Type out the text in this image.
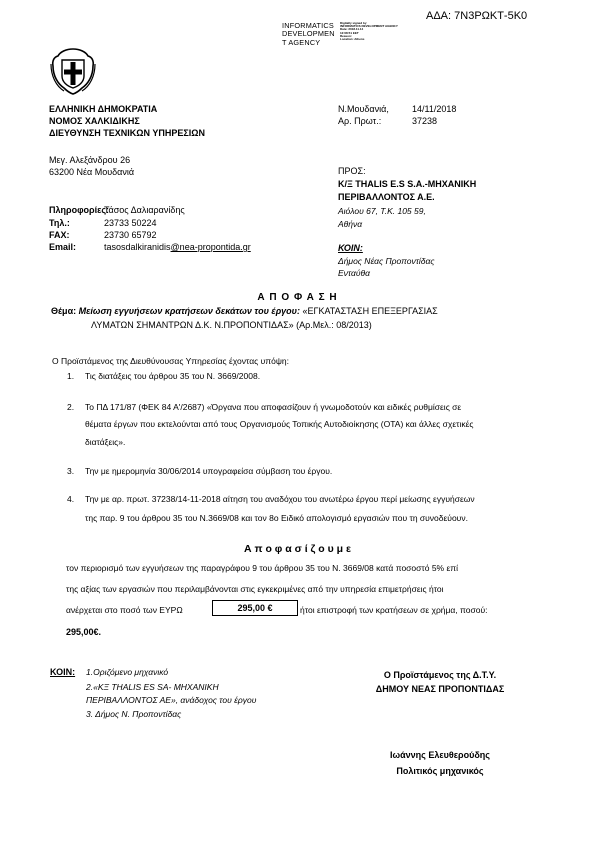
ΑΔΑ: 7Ν3ΡΩΚΤ-5Κ0
INFORMATICS
DEVELOPMEN
T AGENCY
Digitally signed by
INFORMATICS DEVELOPMENT AGENCY
Date: 2018.11.14
12:08:51 EET
Reason:
Location: Athens
ΕΛΛΗΝΙΚΗ ΔΗΜΟΚΡΑΤΙΑ
ΝΟΜΟΣ ΧΑΛΚΙΔΙΚΗΣ
ΔΙΕΥΘΥΝΣΗ ΤΕΧΝΙΚΩΝ ΥΠΗΡΕΣΙΩΝ
Μεγ. Αλεξάνδρου 26
63200 Νέα Μουδανιά
Ν.Μουδανιά,	14/11/2018
Αρ. Πρωτ.:	37238
Πληροφορίες:
Τάσος Δαλιαρανίδης
Τηλ.:	23733 50224
FAX:	23730 65792
Email:	tasosdalkiranidis@nea-propontida.gr
ΠΡΟΣ:
Κ/Ξ THALIS E.S S.A.-ΜΗΧΑΝΙΚΗ
ΠΕΡΙΒΑΛΛΟΝΤΟΣ Α.Ε.
Αιόλου 67, Τ.Κ. 105 59,
Αθήνα
ΚΟΙΝ:
Δήμος Νέας Προποντίδας
Ενταύθα
Α Π Ο Φ Α Σ Η
Θέμα: Μείωση εγγυήσεων κρατήσεων δεκάτων του έργου: «ΕΓΚΑΤΑΣΤΑΣΗ ΕΠΕΞΕΡΓΑΣΙΑΣ
ΛΥΜΑΤΩΝ ΣΗΜΑΝΤΡΩΝ Δ.Κ. Ν.ΠΡΟΠΟΝΤΙΔΑΣ» (Αρ.Μελ.: 08/2013)
Ο Προϊστάμενος της Διευθύνουσας Υπηρεσίας έχοντας υπόψη:
1. Τις διατάξεις του άρθρου 35 του Ν. 3669/2008.
2. Το ΠΔ 171/87 (ΦΕΚ 84 Α'/2687) «Όργανα που αποφασίζουν ή γνωμοδοτούν και ειδικές ρυθμίσεις σε
θέματα έργων που εκτελούνται από τους Οργανισμούς Τοπικής Αυτοδιοίκησης (ΟΤΑ) και άλλες σχετικές
διατάξεις».
3. Την με ημερομηνία 30/06/2014 υπογραφείσα σύμβαση του έργου.
4. Την με αρ. πρωτ. 37238/14-11-2018 αίτηση του αναδόχου του ανωτέρω έργου περί μείωσης εγγυήσεων
της παρ. 9 του άρθρου 35 του Ν.3669/08 και τον 8ο Ειδικό απολογισμό εργασιών που τη συνοδεύουν.
Α π ο φ α σ ί ζ ο υ μ ε
τον περιορισμό των εγγυήσεων της παραγράφου 9 του άρθρου 35 του Ν. 3669/08 κατά ποσοστό 5% επί
της αξίας των εργασιών που περιλαμβάνονται στις εγκεκριμένες από την υπηρεσία επιμετρήσεις ήτοι
ανέρχεται στο ποσό των ΕΥΡΩ	295,00 €	ήτοι επιστροφή των κρατήσεων σε χρήμα, ποσού:
295,00€.
ΚΟΙΝ: 1.Οριζόμενο μηχανικό
2.«ΚΞ THALIS ES SA- ΜΗΧΑΝΙΚΗ
ΠΕΡΙΒΑΛΛΟΝΤΟΣ ΑΕ», ανάδοχος του έργου
3. Δήμος Ν. Προποντίδας
Ο Προϊστάμενος της Δ.Τ.Υ.
ΔΗΜΟΥ ΝΕΑΣ ΠΡΟΠΟΝΤΙΔΑΣ
Ιωάννης Ελευθερούδης
Πολιτικός μηχανικός
